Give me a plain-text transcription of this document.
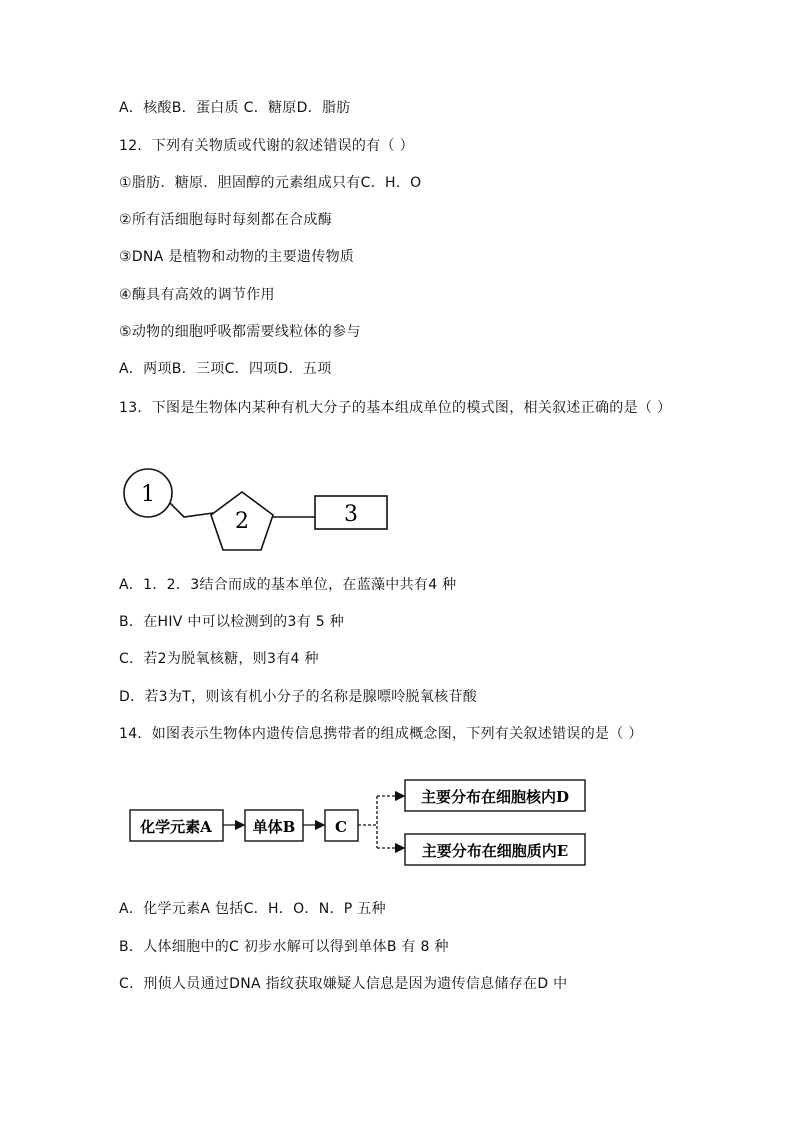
A．核酸B．蛋白质 C．糖原D．脂肪

12．下列有关物质或代谢的叙述错误的有（ ）

①脂肪．糖原．胆固醇的元素组成只有C．H．O

②所有活细胞每时每刻都在合成酶

③DNA 是植物和动物的主要遗传物质

④酶具有高效的调节作用

⑤动物的细胞呼吸都需要线粒体的参与

A．两项B．三项C．四项D．五项

13．下图是生物体内某种有机大分子的基本组成单位的模式图，相关叙述正确的是（ ）

1
2	3

A．1．2．3结合而成的基本单位，在蓝藻中共有4 种

B．在HIV 中可以检测到的3有 5 种

C．若2为脱氧核糖，则3有4 种

D．若3为T，则该有机小分子的名称是腺嘌呤脱氧核苷酸

14．如图表示生物体内遗传信息携带者的组成概念图，下列有关叙述错误的是（ ）

化学元素A	单体B	C
主要分布在细胞核内D
主要分布在细胞质内E

A．化学元素A 包括C．H．O．N．P 五种

B．人体细胞中的C 初步水解可以得到单体B 有 8 种

C．刑侦人员通过DNA 指纹获取嫌疑人信息是因为遗传信息储存在D 中
